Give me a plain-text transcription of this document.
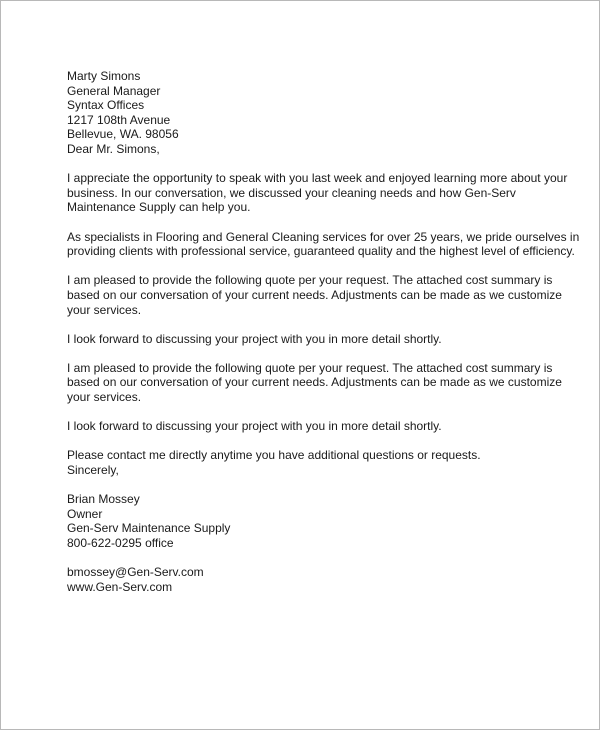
Marty Simons
General Manager
Syntax Offices
1217 108th Avenue
Bellevue, WA. 98056

Dear Mr. Simons,

I appreciate the opportunity to speak with you last week and enjoyed learning more about your
business. In our conversation, we discussed your cleaning needs and how Gen-Serv
Maintenance Supply can help you.
As specialists in Flooring and General Cleaning services for over 25 years, we pride ourselves in
providing clients with professional service, guaranteed quality and the highest level of efficiency.
I am pleased to provide the following quote per your request. The attached cost summary is
based on our conversation of your current needs. Adjustments can be made as we customize
your services.
I look forward to discussing your project with you in more detail shortly.
I am pleased to provide the following quote per your request. The attached cost summary is
based on our conversation of your current needs. Adjustments can be made as we customize
your services.
I look forward to discussing your project with you in more detail shortly.
Please contact me directly anytime you have additional questions or requests.

Sincerely,

Brian Mossey
Owner
Gen-Serv Maintenance Supply
800-622-0295 office
bmossey@Gen-Serv.com
www.Gen-Serv.com
